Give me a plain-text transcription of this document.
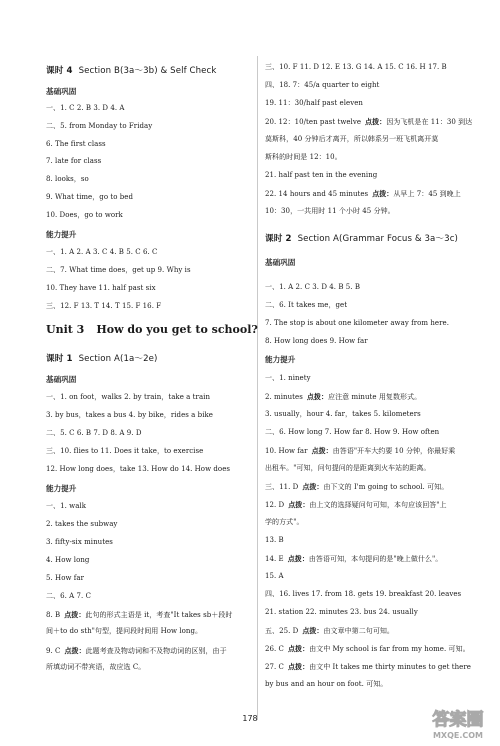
课时 4 Section B(3a～3b) & Self Check
基础巩固
一、1. C 2. B 3. D 4. A
二、5. from Monday to Friday
6. The first class
7. late for class
8. looks，so
9. What time，go to bed
10. Does，go to work
能力提升
一、1. A 2. A 3. C 4. B 5. C 6. C
二、7. What time does，get up 9. Why is
10. They have 11. half past six
三、12. F 13. T 14. T 15. F 16. F
Unit 3 How do you get to school?
课时 1 Section A(1a～2e)
基础巩固
一、1. on foot，walks 2. by train，take a train
3. by bus，takes a bus 4. by bike，rides a bike
二、5. C 6. B 7. D 8. A 9. D
三、10. flies to 11. Does it take，to exercise
12. How long does，take 13. How do 14. How does
能力提升
一、1. walk
2. takes the subway
3. fifty-six minutes
4. How long
5. How far
二、6. A 7. C
8. B 点拨：此句的形式主语是 it，考查"It takes sb＋段时
间＋to do sth"句型，提问段时间用 How long。
9. C 点拨：此题考查及物动词和不及物动词的区别，由于
所填动词不带宾语，故应选 C。
三、10. F 11. D 12. E 13. G 14. A 15. C 16. H 17. B
四、18. 7：45/a quarter to eight
19. 11：30/half past eleven
20. 12：10/ten past twelve 点拨：因为飞机是在 11：30 到达
莫斯科，40 分钟后才离开，所以韩系另一班飞机离开莫
斯科的时间是 12：10。
21. half past ten in the evening
22. 14 hours and 45 minutes 点拨：从早上 7：45 到晚上
10：30，一共用时 11 个小时 45 分钟。
课时 2 Section A(Grammar Focus & 3a～3c)
基础巩固
一、1. A 2. C 3. D 4. B 5. B
二、6. It takes me，get
7. The stop is about one kilometer away from here.
8. How long does 9. How far
能力提升
一、1. ninety
2. minutes 点拨：应注意 minute 用复数形式。
3. usually，hour 4. far，takes 5. kilometers
二、6. How long 7. How far 8. How 9. How often
10. How far 点拨：由答语"开车大约要 10 分钟，你最好乘
出租车。"可知，问句提问的是距离到火车站的距离。
三、11. D 点拨：由下文的 I'm going to school. 可知。
12. D 点拨：由上文的选择疑问句可知，本句应该回答"上
学的方式"。
13. B
14. E 点拨：由答语可知，本句提问的是"晚上做什么"。
15. A
四、16. lives 17. from 18. gets 19. breakfast 20. leaves
21. station 22. minutes 23. bus 24. usually
五、25. D 点拨：由文章中第二句可知。
26. C 点拨：由文中 My school is far from my home. 可知。
27. C 点拨：由文中 It takes me thirty minutes to get there
by bus and an hour on foot. 可知。
178	答案圈
MXQE.COM
